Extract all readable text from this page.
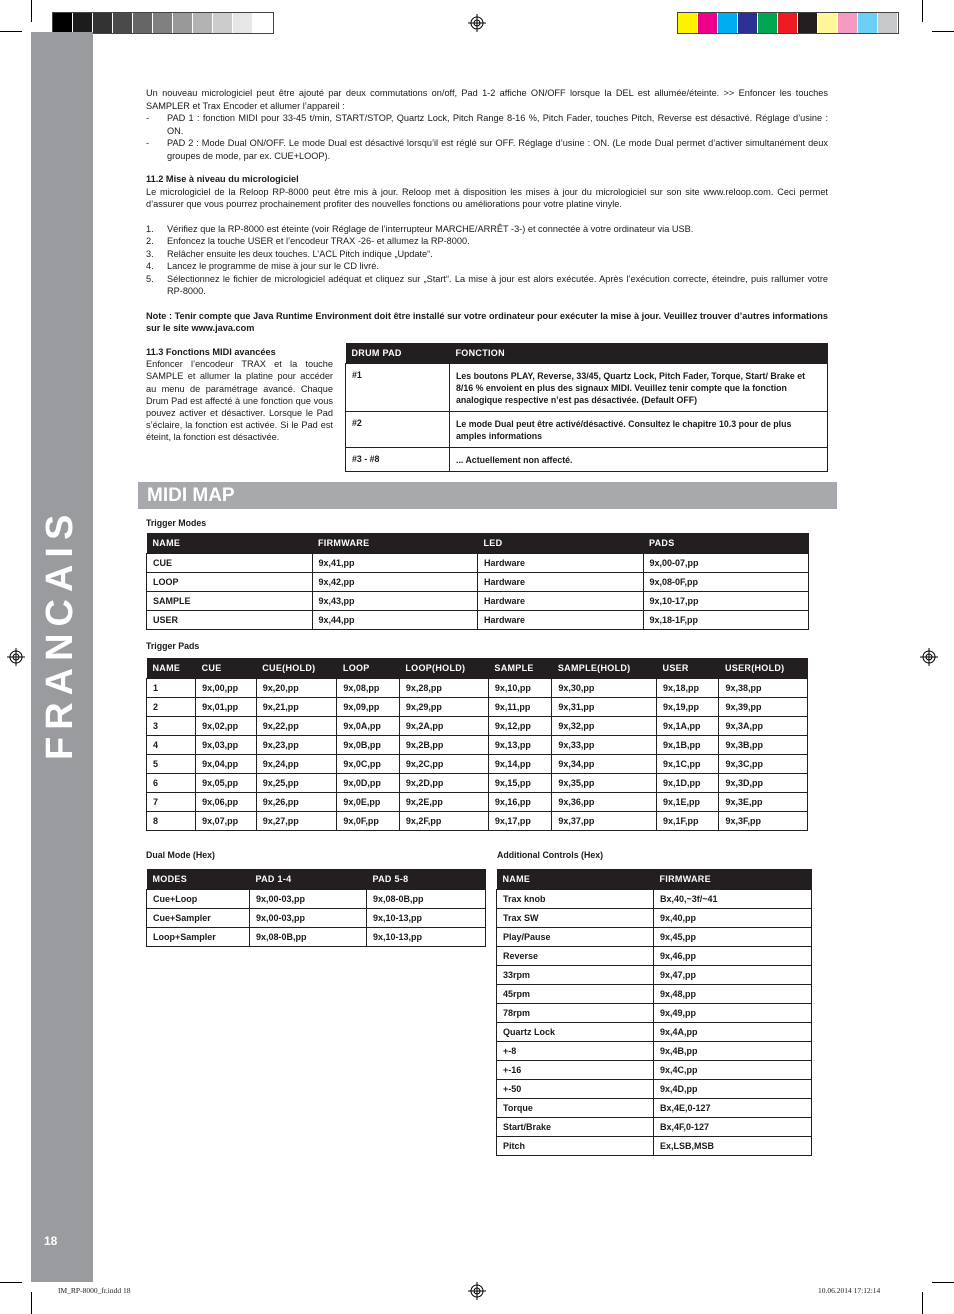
FRANCAIS
18
Un nouveau micrologiciel peut être ajouté par deux commutations on/off, Pad 1-2 affiche ON/OFF lorsque la DEL est allumée/éteinte. >> Enfoncer les touches SAMPLER et Trax Encoder et allumer l’appareil :
-	PAD 1 : fonction MIDI pour 33-45 t/min, START/STOP, Quartz Lock, Pitch Range 8-16 %, Pitch Fader, touches Pitch, Reverse est désactivé. Réglage d’usine : ON.
-	PAD 2 : Mode Dual ON/OFF. Le mode Dual est désactivé lorsqu’il est réglé sur OFF. Réglage d’usine : ON. (Le mode Dual permet d’activer simultanément deux groupes de mode, par ex. CUE+LOOP).
11.2 Mise à niveau du micrologiciel
Le micrologiciel de la Reloop RP-8000 peut être mis à jour. Reloop met à disposition les mises à jour du micrologiciel sur son site www.reloop.com. Ceci permet d’assurer que vous pourrez prochainement profiter des nouvelles fonctions ou améliorations pour votre platine vinyle.
1.	Vérifiez que la RP-8000 est éteinte (voir Réglage de l’interrupteur MARCHE/ARRÊT -3-) et connectée à votre ordinateur via USB.
2.	Enfoncez la touche USER et l’encodeur TRAX -26- et allumez la RP-8000.
3.	Relâcher ensuite les deux touches. L’ACL Pitch indique „Update“.
4.	Lancez le programme de mise à jour sur le CD livré.
5.	Sélectionnez le fichier de micrologiciel adéquat et cliquez sur „Start“. La mise à jour est alors exécutée. Après l’exécution correcte, éteindre, puis rallumer votre RP-8000.
Note : Tenir compte que Java Runtime Environment doit être installé sur votre ordinateur pour exécuter la mise à jour. Veuillez trouver d’autres informations sur le site www.java.com
11.3 Fonctions MIDI avancées
Enfoncer l’encodeur TRAX et la touche SAMPLE et allumer la platine pour accéder au menu de paramétrage avancé. Chaque Drum Pad est affecté à une fonction que vous pouvez activer et désactiver. Lorsque le Pad s’éclaire, la fonction est activée. Si le Pad est éteint, la fonction est désactivée.
DRUM PAD	FONCTION
#1	Les boutons PLAY, Reverse, 33/45, Quartz Lock, Pitch Fader, Torque, Start/ Brake et 8/16 % envoient en plus des signaux MIDI. Veuillez tenir compte que la fonction analogique respective n’est pas désactivée. (Default OFF)
#2	Le mode Dual peut être activé/désactivé. Consultez le chapitre 10.3 pour de plus amples informations
#3 - #8	... Actuellement non affecté.
MIDI MAP
Trigger Modes
NAME	FIRMWARE	LED	PADS
CUE	9x,41,pp	Hardware	9x,00-07,pp
LOOP	9x,42,pp	Hardware	9x,08-0F,pp
SAMPLE	9x,43,pp	Hardware	9x,10-17,pp
USER	9x,44,pp	Hardware	9x,18-1F,pp
Trigger Pads
NAME	CUE	CUE(HOLD)	LOOP	LOOP(HOLD)	SAMPLE	SAMPLE(HOLD)	USER	USER(HOLD)
1	9x,00,pp	9x,20,pp	9x,08,pp	9x,28,pp	9x,10,pp	9x,30,pp	9x,18,pp	9x,38,pp
2	9x,01,pp	9x,21,pp	9x,09,pp	9x,29,pp	9x,11,pp	9x,31,pp	9x,19,pp	9x,39,pp
3	9x,02,pp	9x,22,pp	9x,0A,pp	9x,2A,pp	9x,12,pp	9x,32,pp	9x,1A,pp	9x,3A,pp
4	9x,03,pp	9x,23,pp	9x,0B,pp	9x,2B,pp	9x,13,pp	9x,33,pp	9x,1B,pp	9x,3B,pp
5	9x,04,pp	9x,24,pp	9x,0C,pp	9x,2C,pp	9x,14,pp	9x,34,pp	9x,1C,pp	9x,3C,pp
6	9x,05,pp	9x,25,pp	9x,0D,pp	9x,2D,pp	9x,15,pp	9x,35,pp	9x,1D,pp	9x,3D,pp
7	9x,06,pp	9x,26,pp	9x,0E,pp	9x,2E,pp	9x,16,pp	9x,36,pp	9x,1E,pp	9x,3E,pp
8	9x,07,pp	9x,27,pp	9x,0F,pp	9x,2F,pp	9x,17,pp	9x,37,pp	9x,1F,pp	9x,3F,pp
Dual Mode (Hex)
MODES	PAD 1-4	PAD 5-8
Cue+Loop	9x,00-03,pp	9x,08-0B,pp
Cue+Sampler	9x,00-03,pp	9x,10-13,pp
Loop+Sampler	9x,08-0B,pp	9x,10-13,pp
Additional Controls (Hex)
NAME	FIRMWARE
Trax knob	Bx,40,~3f/~41
Trax SW	9x,40,pp
Play/Pause	9x,45,pp
Reverse	9x,46,pp
33rpm	9x,47,pp
45rpm	9x,48,pp
78rpm	9x,49,pp
Quartz Lock	9x,4A,pp
+-8	9x,4B,pp
+-16	9x,4C,pp
+-50	9x,4D,pp
Torque	Bx,4E,0-127
Start/Brake	Bx,4F,0-127
Pitch	Ex,LSB,MSB
IM_RP-8000_fr.indd 18	10.06.2014 17:12:14
